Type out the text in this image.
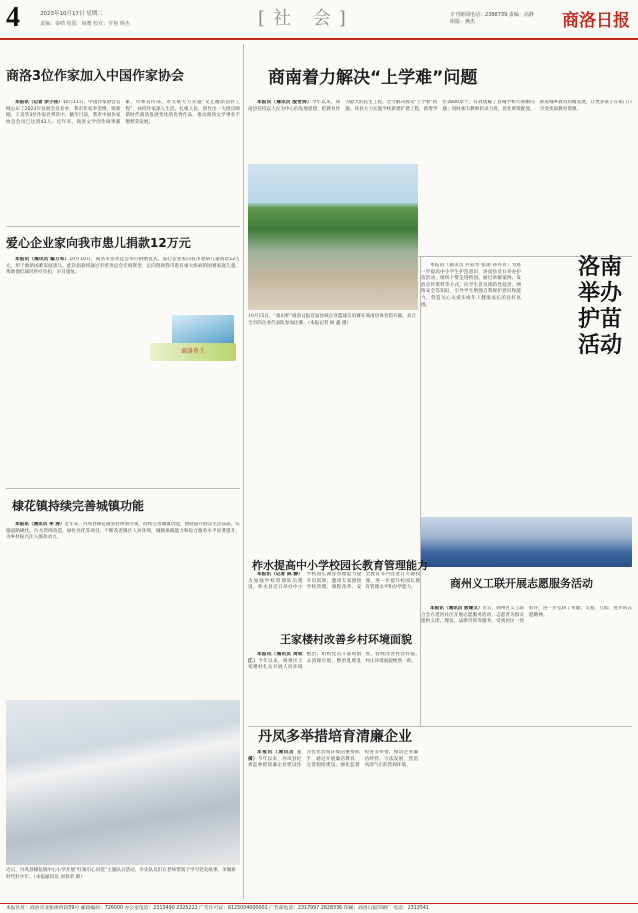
4	2023年10月17日 星期二
责编：秦晴 组版：杨鹰 校对：罗艳 颜杰	[社 会]	专刊新闻电话：2388739 责编：高静 组版：燕杰	商洛日报
商洛3位作家加入中国作家协会

本报讯（记者 余子扬）10月11日，中国作家协会官网公布了2023年发展会员名单，我市作家李金博、梁新刚、王昊华3位作家名列其中。截至目前，我市中国作家协会会员已达到42人。近年来，商洛文学创作硕果累累，市委宣传部、市文联大力实施“文艺精品创作工程”，扶持作家深入生活、扎根人民，创作出一大批反映新时代商洛发展变化的优秀作品，推动商洛文学事业不断繁荣发展。

商南着力解决“上学难”问题

本报讯（通讯员 殷世剑）今年以来，商南县坚持以人民为中心的发展思想，把教育作为最大的民生工程，全力解决群众“上学难”问题。该县大力实施学校新建扩建工程，新增学位2600余个，有效缓解了县城学校大班额问题；同时加大教师招录力度，优化师资配置，推进城乡教育均衡发展，让更多孩子在家门口享受优质教育资源。

爱心企业家向我市患儿捐款12万元

本报讯（通讯员 鄢万军）10月10日，商洛市慈善总会举行捐赠仪式，爱心企业家向我市患病儿童捐款12万元，用于救助困难家庭患儿。此次捐款将通过市慈善总会专项资金，定向资助我市患有重大疾病的困难家庭儿童，帮助他们减轻医疗负担，早日康复。

商洛乡土
棣花镇持续完善城镇功能

本报讯（通讯员 李 涛）近年来，丹凤县棣花镇坚持规划引领，持续完善城镇功能，围绕提升群众生活品质，实施道路硬化、污水管网改造、绿化亮化等项目，不断改善镇区人居环境，城镇承载能力和综合服务水平显著提升，为乡村振兴注入强劲动力。

10月15日，“桑田杯”商洛日报首届县域企业篮球友谊赛在商南县体育馆开幕，来自全市的企业代表队参加比赛。（本报记者 杨 鑫 摄）
洛南举办护苗活动

本报讯（通讯员 乔彩琴 张翊 孙丹青）为进一步提高中小学生护苗意识，洛南县近日举办护苗活动，组织干警走进校园，通过讲解案例、发放宣传资料等方式，向学生普及预防性侵害、网络安全等知识，引导学生增强自我保护意识和能力，营造关心关爱未成年人健康成长的良好氛围。

柞水提高中小学校园长教育管理能力

本报讯（记者 陈 静）为加强学校管理队伍建设，柞水县近日举办中小学校园长教育管理能力提升培训班，邀请专家围绕学校管理、课程改革、安全教育等内容进行专题授课，进一步提升校园长教育管理水平和办学能力。

王家楼村改善乡村环境面貌

本报讯（通讯员 周钦江）今年以来，商州区王家楼村扎实开展人居环境整治，组织党员干部和群众清理垃圾、整治乱堆乱放，持续改善村容村貌，村庄环境面貌焕然一新。

商州义工联开展志愿服务活动

本报讯（通讯员 彭建文）近日，商州区义工联合会在延河社区开展志愿服务活动，志愿者为群众提供义诊、理发、法律咨询等服务，受到居民一致好评，进一步弘扬了奉献、友爱、互助、进步的志愿精神。

丹凤多举措培育清廉企业

本报讯（通讯员 王 倩）今年以来，丹凤县纪委监委把清廉企业建设作为优化营商环境的重要抓手，通过开展廉洁教育、完善制度建设、强化监督检查等举措，推动企业廉洁经营、守法发展，营造风清气正的营商环境。

近日，丹凤县棣花镇中心小学开展“红领巾心向党”主题队日活动，少先队员们在老师带领下学习党史故事，争做新时代好少年。（本报通讯员 刘春荣 摄）
本报社址：商洛市北新街西段59号 邮政编码：726000 办公室电话：2313490 2325222 广告许可证：6125004000002 广告部电话：2317997 2828336 印刷：商洛日报印刷厂 电话：2312541
